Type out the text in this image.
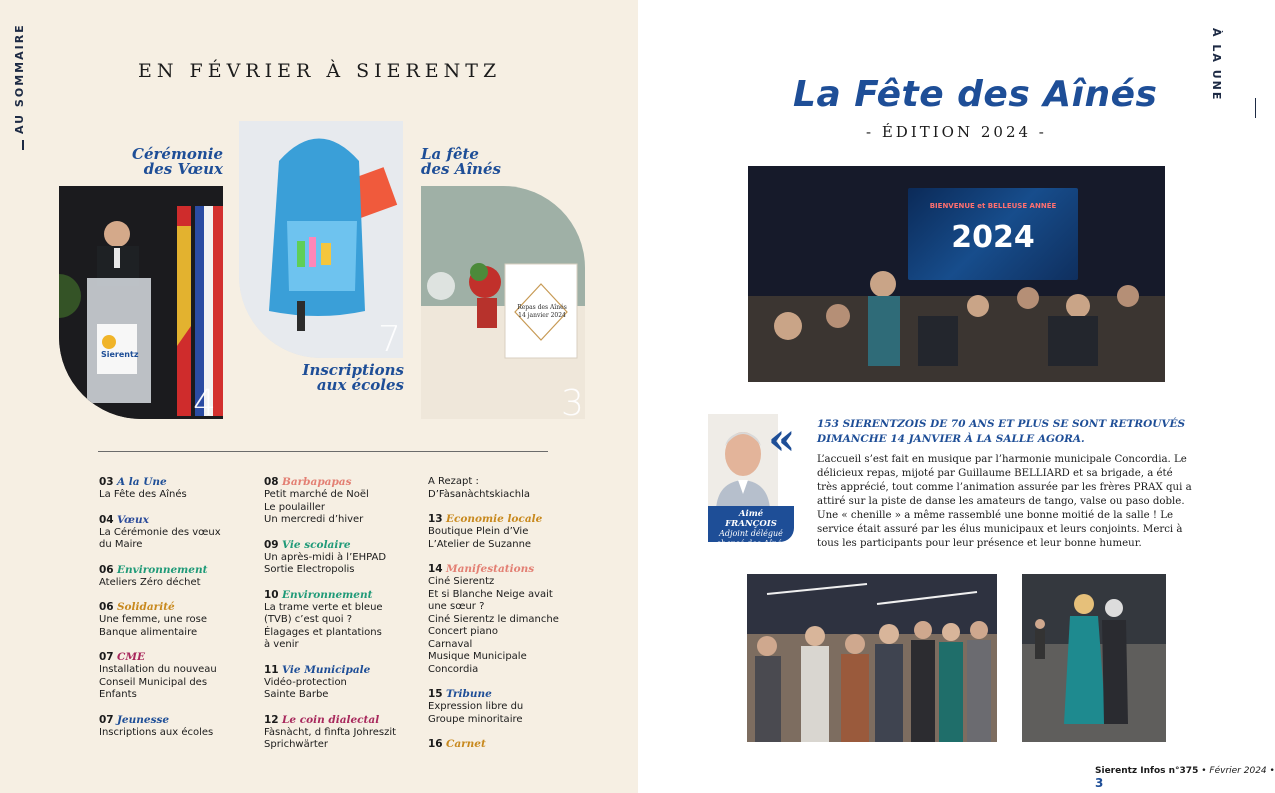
AU SOMMAIRE	À LA UNE
EN FÉVRIER À SIERENTZ
Cérémonie
des Vœux
La fête
des Aînés
Inscriptions
aux écoles
Sierentz
4
7
Repas des Aînés
14 janvier 2024
3
03 A la Une
La Fête des Aînés
04 Vœux
La Cérémonie des vœux
du Maire
06 Environnement
Ateliers Zéro déchet
06 Solidarité
Une femme, une rose
Banque alimentaire
07 CME
Installation du nouveau
Conseil Municipal des
Enfants
07 Jeunesse
Inscriptions aux écoles
08 Barbapapas
Petit marché de Noël
Le poulailler
Un mercredi d’hiver
09 Vie scolaire
Un après-midi à l’EHPAD
Sortie Electropolis
10 Environnement
La trame verte et bleue
(TVB) c’est quoi ?
Élagages et plantations
à venir
11 Vie Municipale
Vidéo-protection
Sainte Barbe
12 Le coin dialectal
Fàsnàcht, d fìnfta Johreszit
Sprichwärter
A Rezapt :
D’Fàsanàchtskiachla
13 Economie locale
Boutique Plein d’Vie
L’Atelier de Suzanne
14 Manifestations
Ciné Sierentz
Et si Blanche Neige avait
une sœur ?
Ciné Sierentz le dimanche
Concert piano
Carnaval
Musique Municipale
Concordia
15 Tribune
Expression libre du
Groupe minoritaire
16 Carnet
La Fête des Aînés
- ÉDITION 2024 -
BIENVENUE et BELLEUSE ANNÉE
2024
Aimé FRANÇOIS
Adjoint délégué
chargé des Aînés
« 153 SIERENTZOIS DE 70 ANS ET PLUS SE SONT RETROUVÉS DIMANCHE 14 JANVIER À LA SALLE AGORA.
L’accueil s’est fait en musique par l’harmonie municipale Concordia. Le délicieux repas, mijoté par Guillaume BELLIARD et sa brigade, a été très apprécié, tout comme l’animation assurée par les frères PRAX qui a attiré sur la piste de danse les amateurs de tango, valse ou paso doble. Une « chenille » a même rassemblé une bonne moitié de la salle ! Le service était assuré par les élus municipaux et leurs conjoints. Merci à tous les participants pour leur présence et leur bonne humeur.
Sierentz Infos n°375 • Février 2024 • 3
